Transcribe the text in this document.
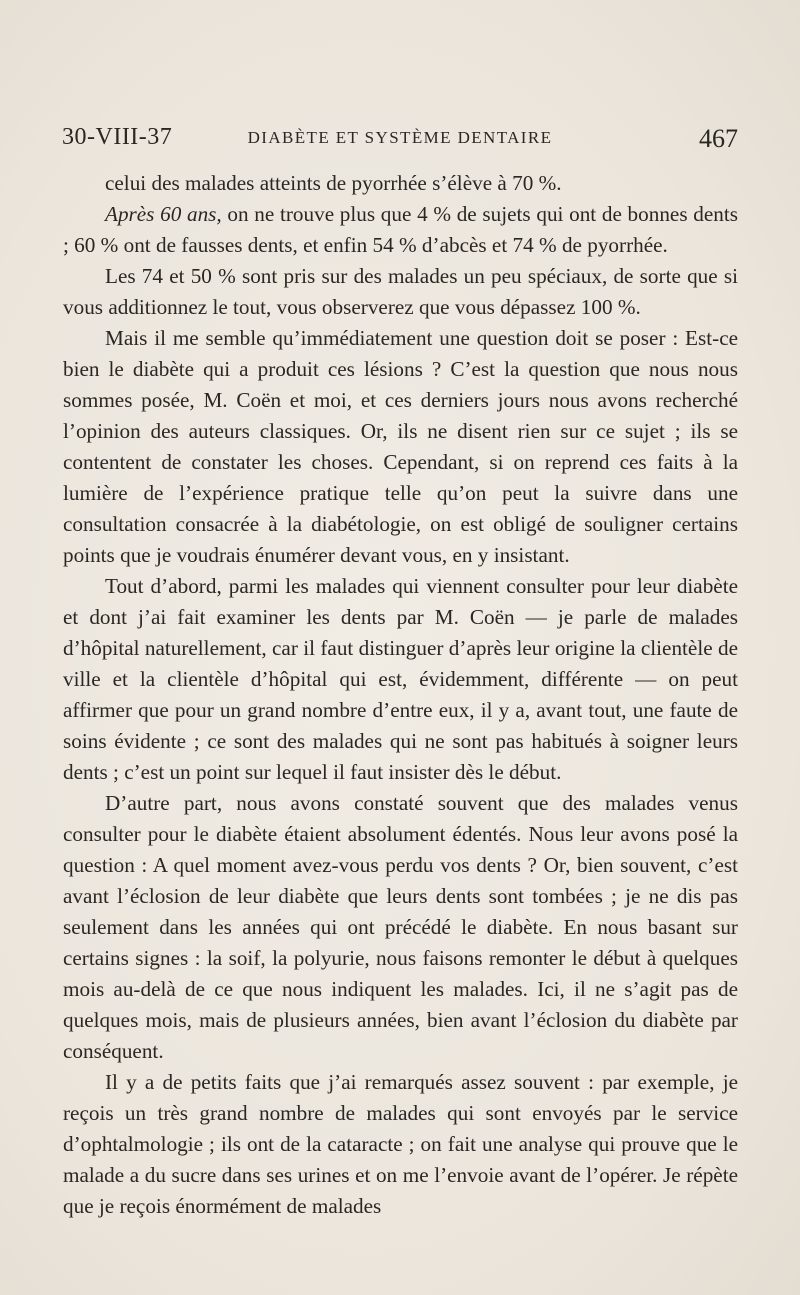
30-VIII-37	DIABÈTE ET SYSTÈME DENTAIRE	467

celui des malades atteints de pyorrhée s’élève à 70 %.

Après 60 ans, on ne trouve plus que 4 % de sujets qui ont de bonnes dents ; 60 % ont de fausses dents, et enfin 54 % d’abcès et 74 % de pyorrhée.

Les 74 et 50 % sont pris sur des malades un peu spéciaux, de sorte que si vous additionnez le tout, vous observerez que vous dépassez 100 %.

Mais il me semble qu’immédiatement une question doit se poser : Est-ce bien le diabète qui a produit ces lésions ? C’est la question que nous nous sommes posée, M. Coën et moi, et ces derniers jours nous avons recherché l’opinion des auteurs classiques. Or, ils ne disent rien sur ce sujet ; ils se contentent de constater les choses. Cependant, si on reprend ces faits à la lumière de l’expérience pratique telle qu’on peut la suivre dans une consultation consacrée à la diabétologie, on est obligé de souligner certains points que je voudrais énumérer devant vous, en y insistant.

Tout d’abord, parmi les malades qui viennent consulter pour leur diabète et dont j’ai fait examiner les dents par M. Coën — je parle de malades d’hôpital naturellement, car il faut distinguer d’après leur origine la clientèle de ville et la clientèle d’hôpital qui est, évidemment, différente — on peut affirmer que pour un grand nombre d’entre eux, il y a, avant tout, une faute de soins évidente ; ce sont des malades qui ne sont pas habitués à soigner leurs dents ; c’est un point sur lequel il faut insister dès le début.

D’autre part, nous avons constaté souvent que des malades venus consulter pour le diabète étaient absolument édentés. Nous leur avons posé la question : A quel moment avez-vous perdu vos dents ? Or, bien souvent, c’est avant l’éclosion de leur diabète que leurs dents sont tombées ; je ne dis pas seulement dans les années qui ont précédé le diabète. En nous basant sur certains signes : la soif, la polyurie, nous faisons remonter le début à quelques mois au-delà de ce que nous indiquent les malades. Ici, il ne s’agit pas de quelques mois, mais de plusieurs années, bien avant l’éclosion du diabète par conséquent.

Il y a de petits faits que j’ai remarqués assez souvent : par exemple, je reçois un très grand nombre de malades qui sont envoyés par le service d’ophtalmologie ; ils ont de la cataracte ; on fait une analyse qui prouve que le malade a du sucre dans ses urines et on me l’envoie avant de l’opérer. Je répète que je reçois énormément de malades
